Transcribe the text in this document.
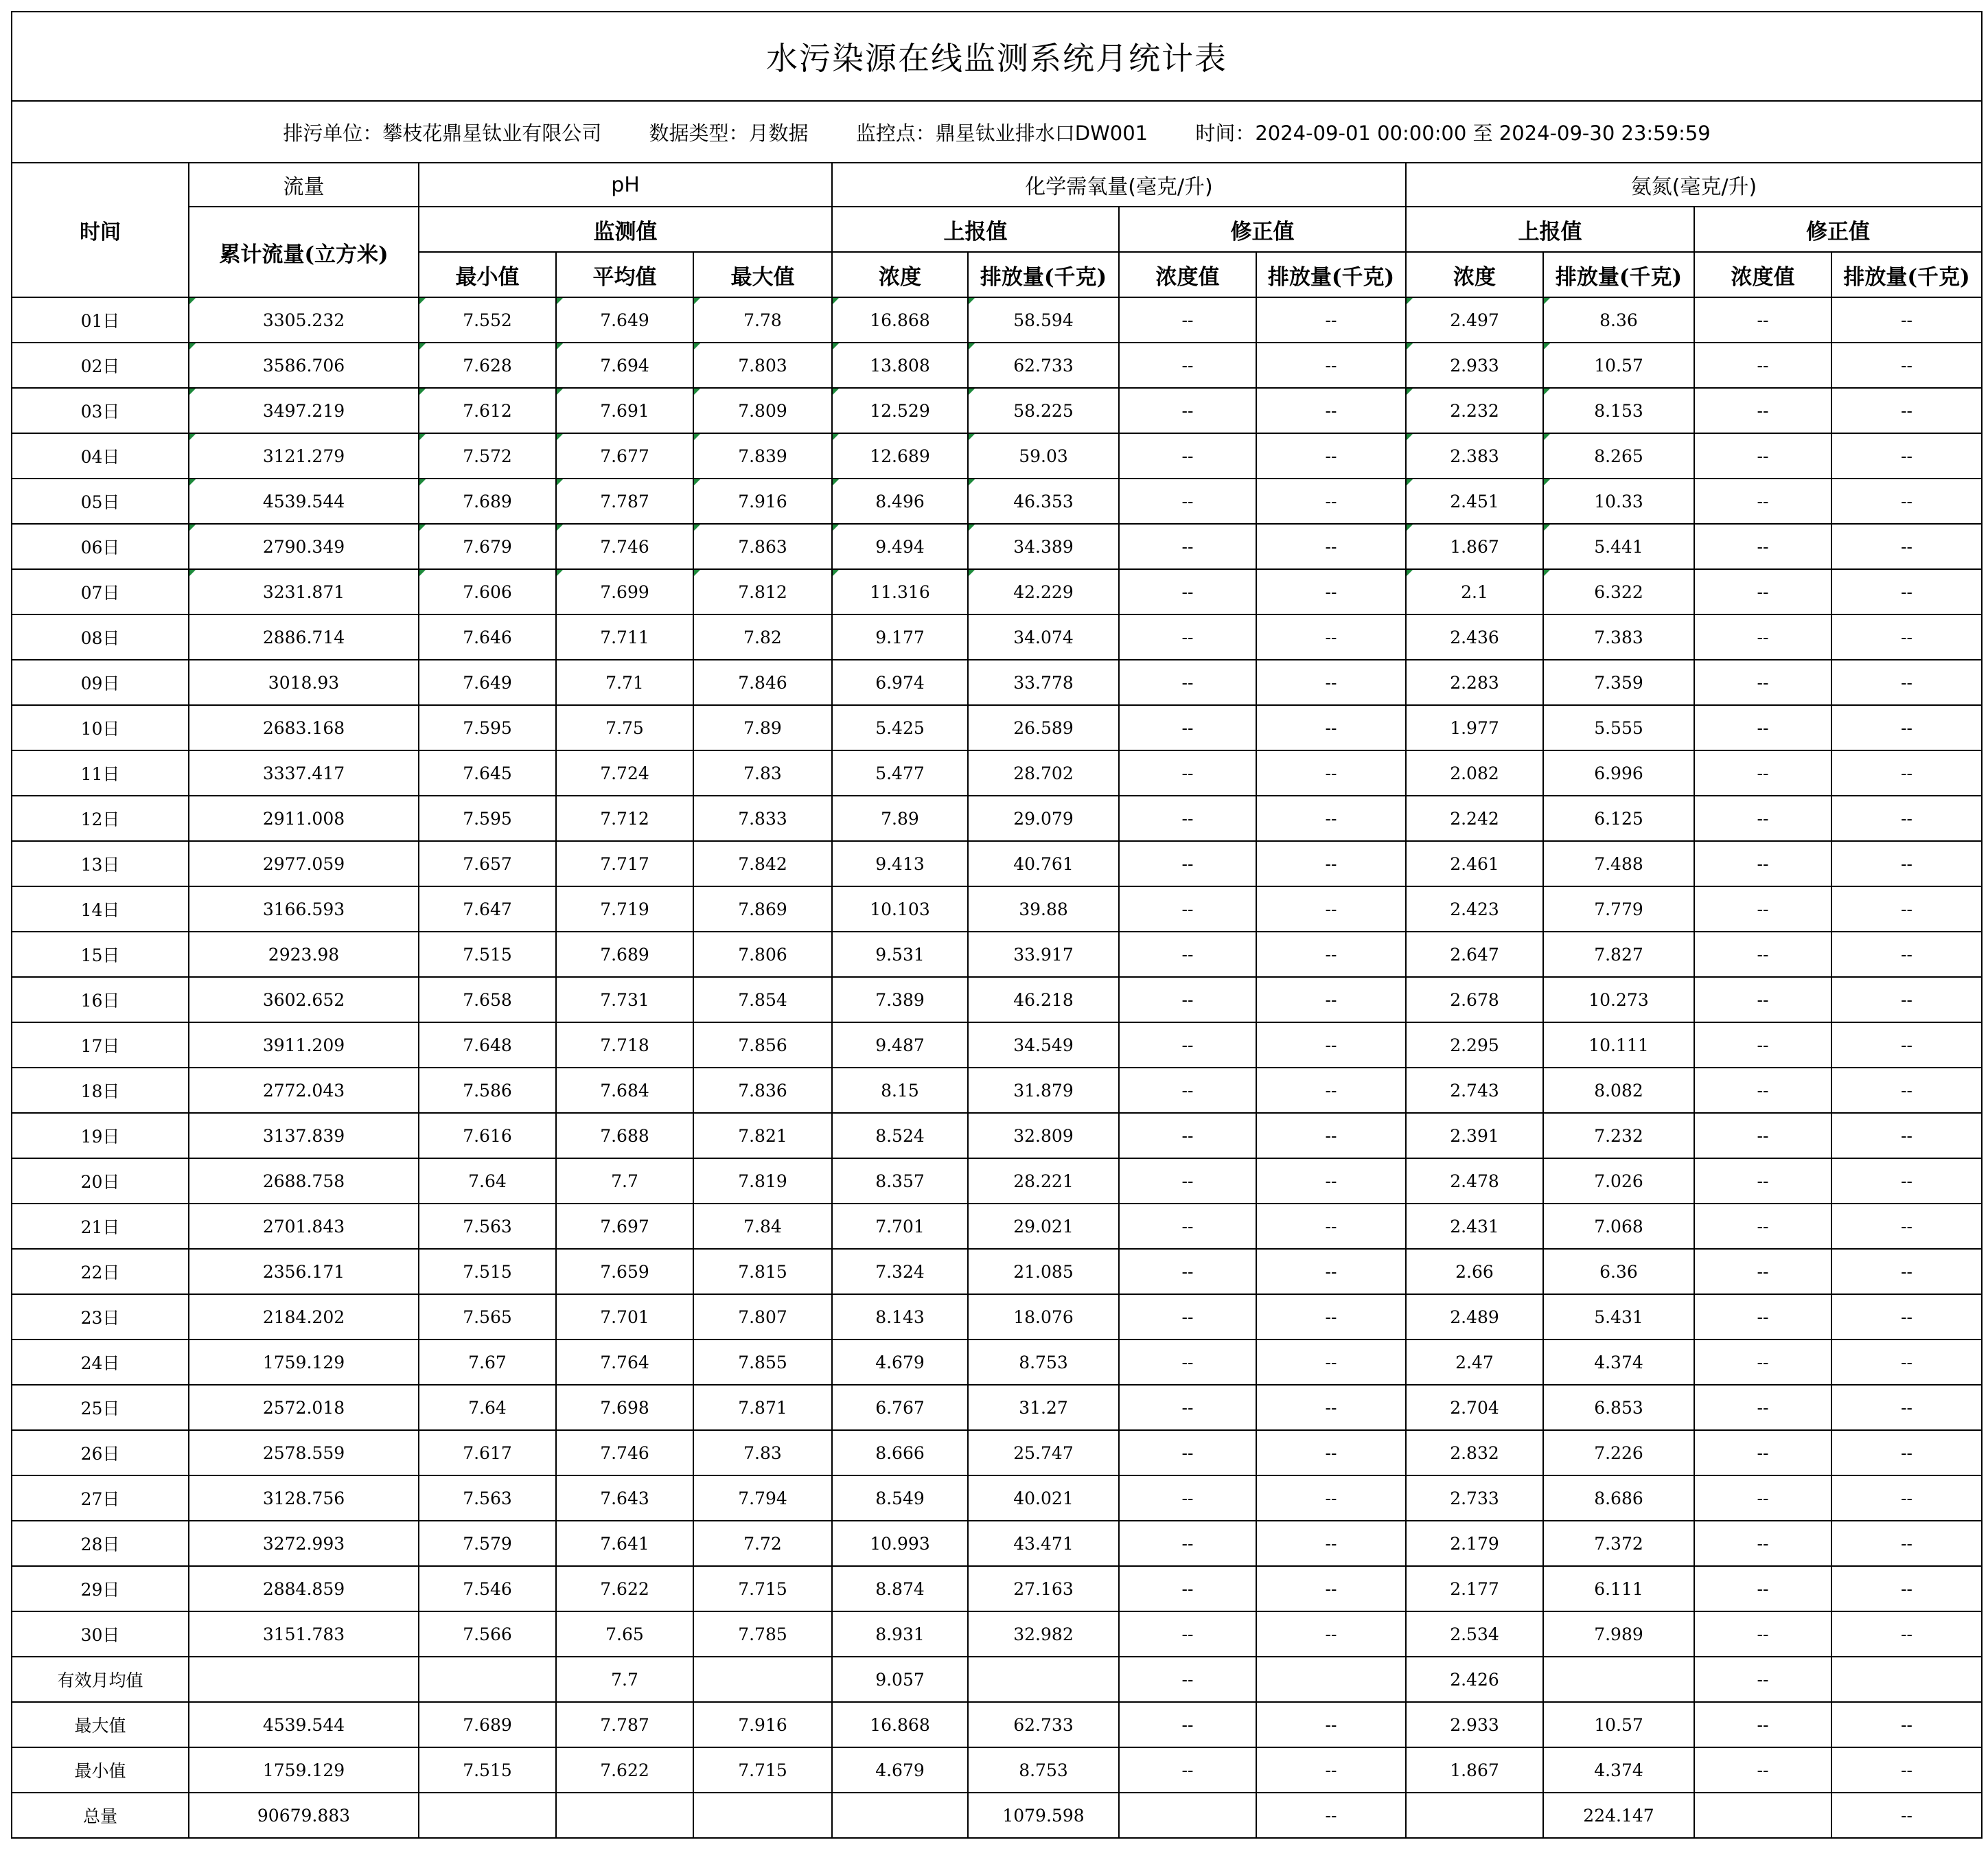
水污染源在线监测系统月统计表												
排污单位：攀枝花鼎星钛业有限公司 数据类型：月数据 监控点：鼎星钛业排水口DW001 时间：2024-09-01 00:00:00 至 2024-09-30 23:59:59												
时间	流量	pH			化学需氧量(毫克/升)				氨氮(毫克/升)			
	累计流量(立方米)	监测值			上报值		修正值		上报值		修正值	
		最小值	平均值	最大值	浓度	排放量(千克)	浓度值	排放量(千克)	浓度	排放量(千克)	浓度值	排放量(千克)
01日	3305.232	7.552	7.649	7.78	16.868	58.594	--	--	2.497	8.36	--	--
02日	3586.706	7.628	7.694	7.803	13.808	62.733	--	--	2.933	10.57	--	--
03日	3497.219	7.612	7.691	7.809	12.529	58.225	--	--	2.232	8.153	--	--
04日	3121.279	7.572	7.677	7.839	12.689	59.03	--	--	2.383	8.265	--	--
05日	4539.544	7.689	7.787	7.916	8.496	46.353	--	--	2.451	10.33	--	--
06日	2790.349	7.679	7.746	7.863	9.494	34.389	--	--	1.867	5.441	--	--
07日	3231.871	7.606	7.699	7.812	11.316	42.229	--	--	2.1	6.322	--	--
08日	2886.714	7.646	7.711	7.82	9.177	34.074	--	--	2.436	7.383	--	--
09日	3018.93	7.649	7.71	7.846	6.974	33.778	--	--	2.283	7.359	--	--
10日	2683.168	7.595	7.75	7.89	5.425	26.589	--	--	1.977	5.555	--	--
11日	3337.417	7.645	7.724	7.83	5.477	28.702	--	--	2.082	6.996	--	--
12日	2911.008	7.595	7.712	7.833	7.89	29.079	--	--	2.242	6.125	--	--
13日	2977.059	7.657	7.717	7.842	9.413	40.761	--	--	2.461	7.488	--	--
14日	3166.593	7.647	7.719	7.869	10.103	39.88	--	--	2.423	7.779	--	--
15日	2923.98	7.515	7.689	7.806	9.531	33.917	--	--	2.647	7.827	--	--
16日	3602.652	7.658	7.731	7.854	7.389	46.218	--	--	2.678	10.273	--	--
17日	3911.209	7.648	7.718	7.856	9.487	34.549	--	--	2.295	10.111	--	--
18日	2772.043	7.586	7.684	7.836	8.15	31.879	--	--	2.743	8.082	--	--
19日	3137.839	7.616	7.688	7.821	8.524	32.809	--	--	2.391	7.232	--	--
20日	2688.758	7.64	7.7	7.819	8.357	28.221	--	--	2.478	7.026	--	--
21日	2701.843	7.563	7.697	7.84	7.701	29.021	--	--	2.431	7.068	--	--
22日	2356.171	7.515	7.659	7.815	7.324	21.085	--	--	2.66	6.36	--	--
23日	2184.202	7.565	7.701	7.807	8.143	18.076	--	--	2.489	5.431	--	--
24日	1759.129	7.67	7.764	7.855	4.679	8.753	--	--	2.47	4.374	--	--
25日	2572.018	7.64	7.698	7.871	6.767	31.27	--	--	2.704	6.853	--	--
26日	2578.559	7.617	7.746	7.83	8.666	25.747	--	--	2.832	7.226	--	--
27日	3128.756	7.563	7.643	7.794	8.549	40.021	--	--	2.733	8.686	--	--
28日	3272.993	7.579	7.641	7.72	10.993	43.471	--	--	2.179	7.372	--	--
29日	2884.859	7.546	7.622	7.715	8.874	27.163	--	--	2.177	6.111	--	--
30日	3151.783	7.566	7.65	7.785	8.931	32.982	--	--	2.534	7.989	--	--
有效月均值			7.7		9.057		--		2.426		--	
最大值	4539.544	7.689	7.787	7.916	16.868	62.733	--	--	2.933	10.57	--	--
最小值	1759.129	7.515	7.622	7.715	4.679	8.753	--	--	1.867	4.374	--	--
总量	90679.883					1079.598		--		224.147		--
